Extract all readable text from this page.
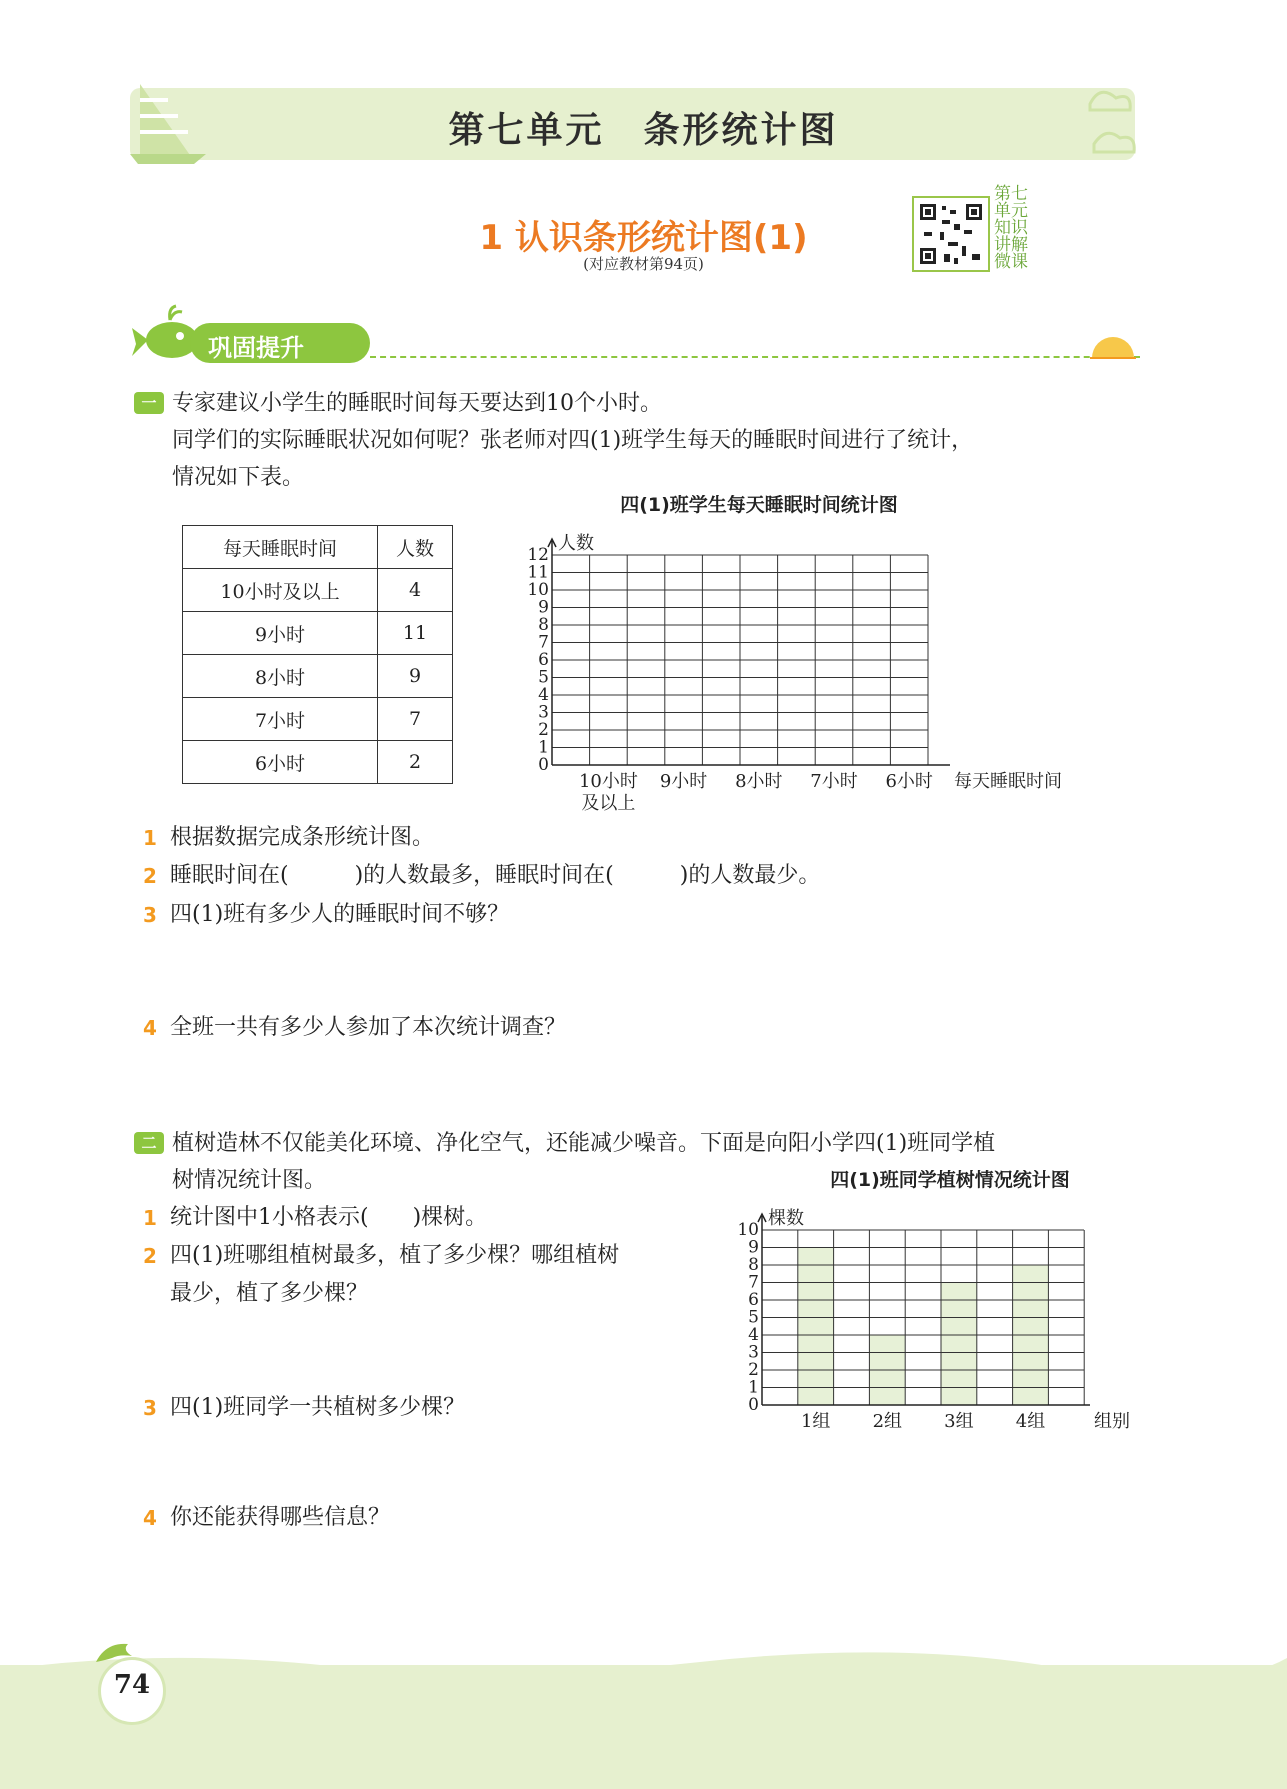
第七单元　条形统计图
1 认识条形统计图(1)
(对应教材第94页)
第七单元知识讲解微课
巩固提升
一 专家建议小学生的睡眠时间每天要达到10个小时。
同学们的实际睡眠状况如何呢？张老师对四(1)班学生每天的睡眠时间进行了统计，
情况如下表。
每天睡眠时间	人数
10小时及以上	4
9小时	11
8小时	9
7小时	7
6小时	2
四(1)班学生每天睡眠时间统计图
人数
0
1
2
3
4
5
6
7
8
9
10
11
12
10小时及以上
9小时 8小时 7小时 6小时 每天睡眠时间
1 根据数据完成条形统计图。
2 睡眠时间在(　　　)的人数最多，睡眠时间在(　　　)的人数最少。
3 四(1)班有多少人的睡眠时间不够？
4 全班一共有多少人参加了本次统计调查？
二 植树造林不仅能美化环境、净化空气，还能减少噪音。下面是向阳小学四(1)班同学植
树情况统计图。
1 统计图中1小格表示(　　)棵树。
2 四(1)班哪组植树最多，植了多少棵？哪组植树
最少，植了多少棵？
3 四(1)班同学一共植树多少棵？
4 你还能获得哪些信息？
四(1)班同学植树情况统计图
棵数
0
1
2
3
4
5
6
7
8
9
10
1组 2组 3组 4组	组别
74
